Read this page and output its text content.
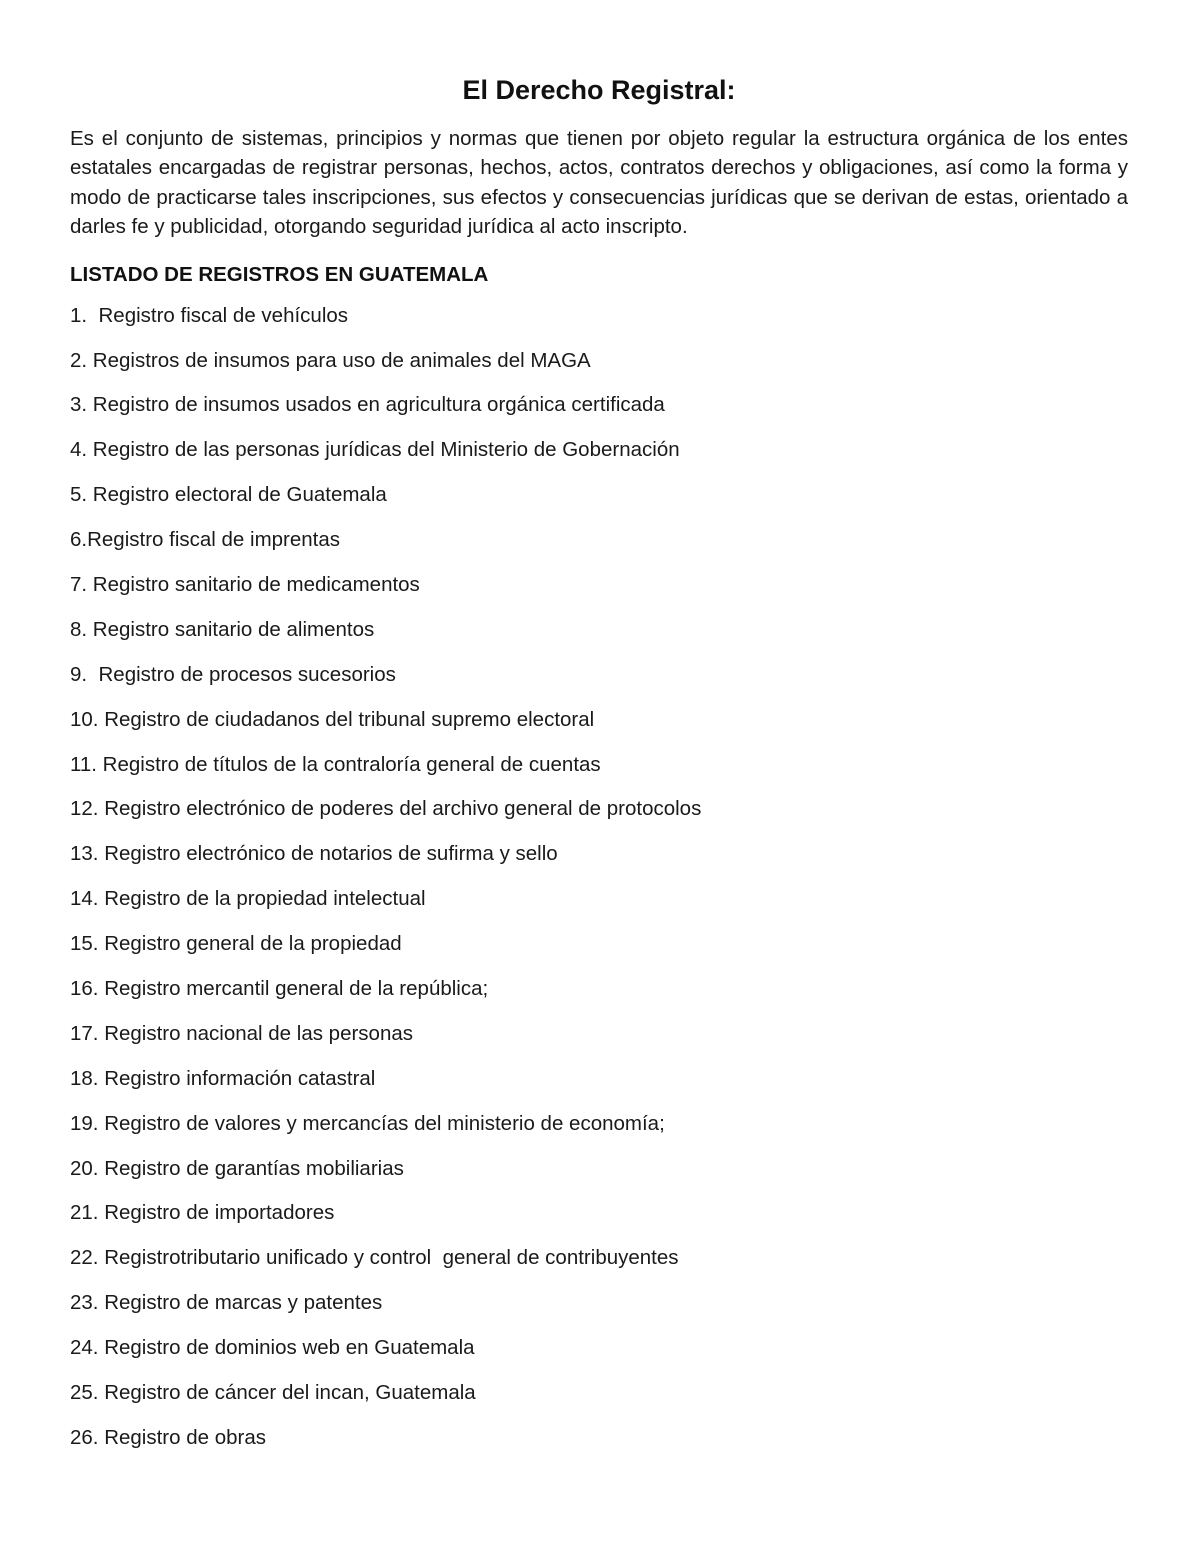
El Derecho Registral:

Es el conjunto de sistemas, principios y normas que tienen por objeto regular la estructura orgánica de los entes estatales encargadas de registrar personas, hechos, actos, contratos derechos y obligaciones, así como la forma y modo de practicarse tales inscripciones, sus efectos y consecuencias jurídicas que se derivan de estas, orientado a darles fe y publicidad, otorgando seguridad jurídica al acto inscripto.

LISTADO DE REGISTROS EN GUATEMALA
1.  Registro fiscal de vehículos
2. Registros de insumos para uso de animales del MAGA
3. Registro de insumos usados en agricultura orgánica certificada
4. Registro de las personas jurídicas del Ministerio de Gobernación
5. Registro electoral de Guatemala
6.Registro fiscal de imprentas
7. Registro sanitario de medicamentos
8. Registro sanitario de alimentos
9.  Registro de procesos sucesorios
10. Registro de ciudadanos del tribunal supremo electoral
11. Registro de títulos de la contraloría general de cuentas
12. Registro electrónico de poderes del archivo general de protocolos
13. Registro electrónico de notarios de sufirma y sello
14. Registro de la propiedad intelectual
15. Registro general de la propiedad
16. Registro mercantil general de la república;
17. Registro nacional de las personas
18. Registro información catastral
19. Registro de valores y mercancías del ministerio de economía;
20. Registro de garantías mobiliarias
21. Registro de importadores
22. Registrotributario unificado y control  general de contribuyentes
23. Registro de marcas y patentes
24. Registro de dominios web en Guatemala
25. Registro de cáncer del incan, Guatemala
26. Registro de obras
